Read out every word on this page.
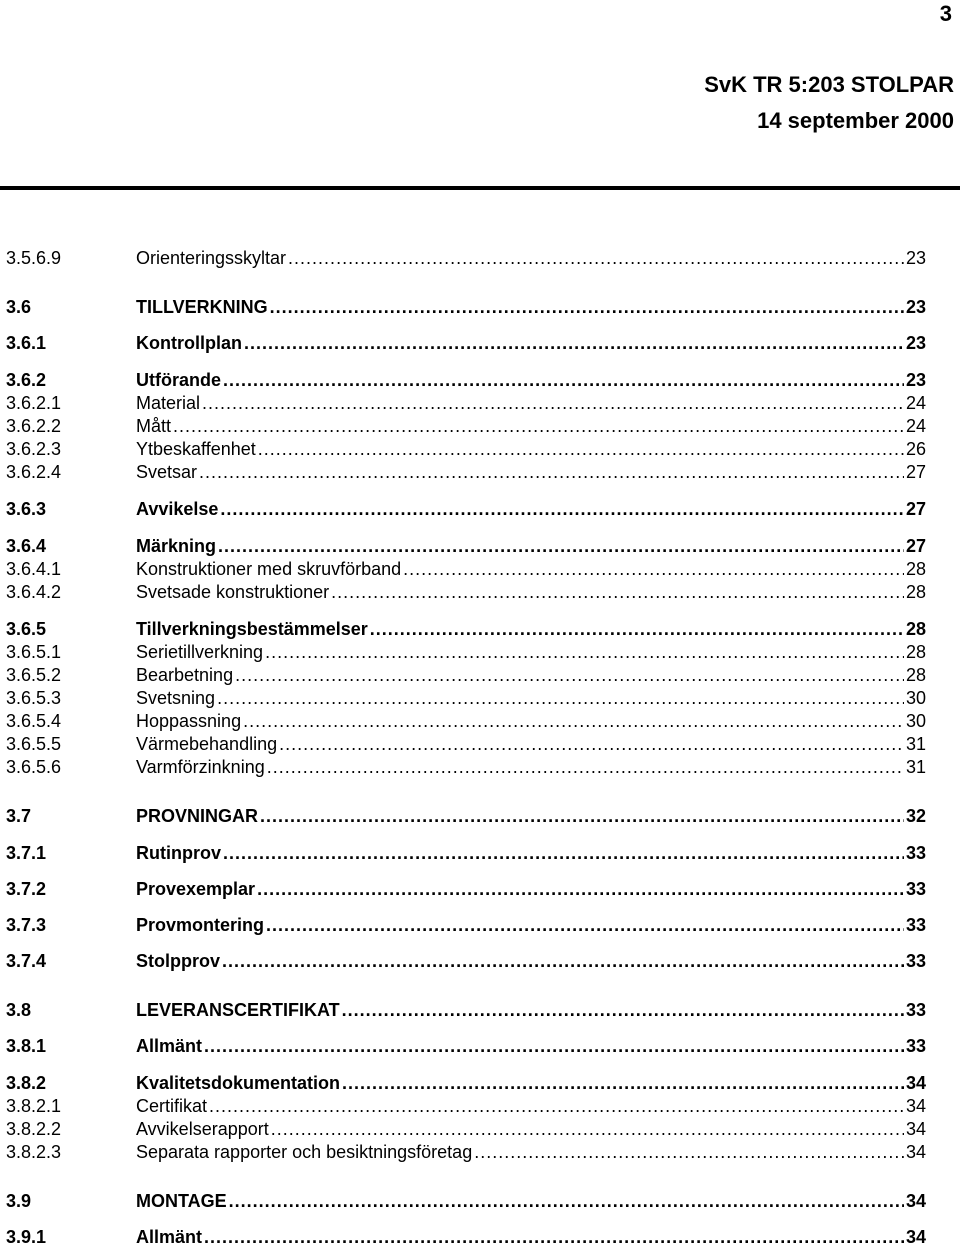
3
SvK TR 5:203 STOLPAR
14 september 2000
3.5.6.9	Orienteringsskyltar . . .	23
3.6	TILLVERKNING . . .	23
3.6.1	Kontrollplan . . .	23
3.6.2	Utförande . . .	23
3.6.2.1	Material . . .	24
3.6.2.2	Mått . . .	24
3.6.2.3	Ytbeskaffenhet . . .	26
3.6.2.4	Svetsar . . .	27
3.6.3	Avvikelse . . .	27
3.6.4	Märkning . . .	27
3.6.4.1	Konstruktioner med skruvförband . . .	28
3.6.4.2	Svetsade konstruktioner . . .	28
3.6.5	Tillverkningsbestämmelser . . .	28
3.6.5.1	Serietillverkning . . .	28
3.6.5.2	Bearbetning . . .	28
3.6.5.3	Svetsning . . .	30
3.6.5.4	Hoppassning . . .	30
3.6.5.5	Värmebehandling . . .	31
3.6.5.6	Varmförzinkning . . .	31
3.7	PROVNINGAR . . .	32
3.7.1	Rutinprov . . .	33
3.7.2	Provexemplar . . .	33
3.7.3	Provmontering . . .	33
3.7.4	Stolpprov . . .	33
3.8	LEVERANSCERTIFIKAT . . .	33
3.8.1	Allmänt . . .	33
3.8.2	Kvalitetsdokumentation . . .	34
3.8.2.1	Certifikat . . .	34
3.8.2.2	Avvikelserapport . . .	34
3.8.2.3	Separata rapporter och besiktningsföretag . . .	34
3.9	MONTAGE . . .	34
3.9.1	Allmänt . . .	34
